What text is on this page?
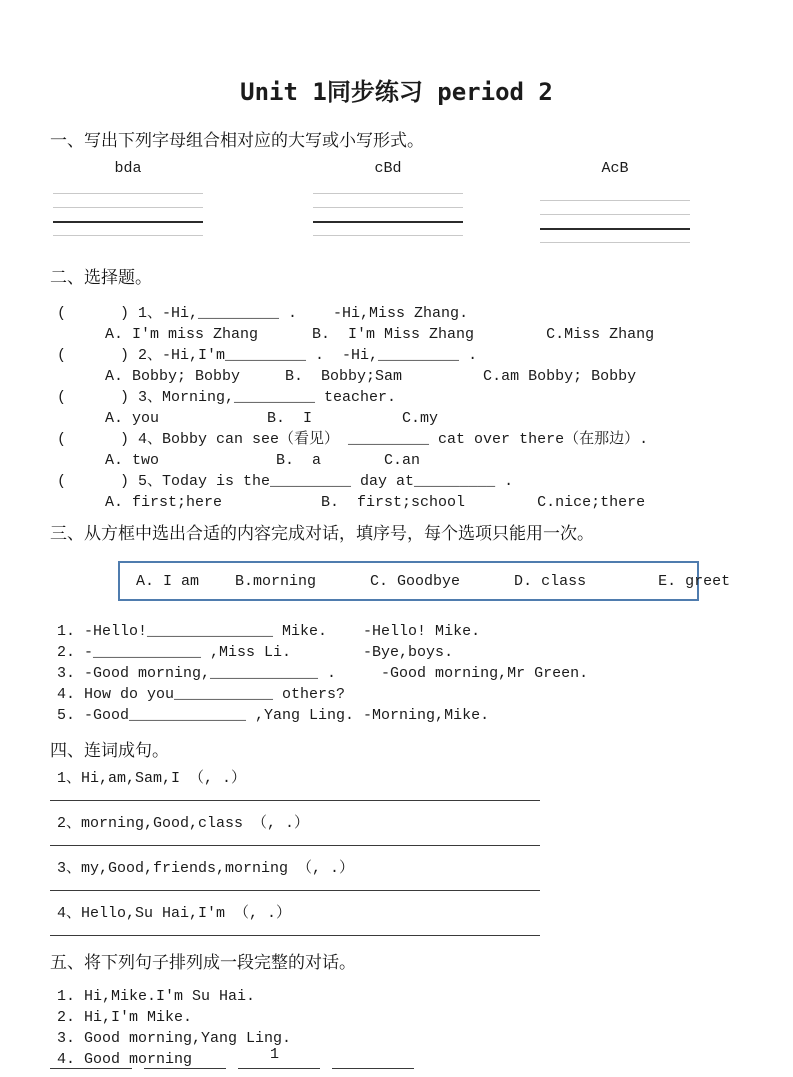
Unit 1同步练习 period 2

一、写出下列字母组合相对应的大写或小写形式。

bda	cBd	AcB

二、选择题。

(      ) 1、-Hi,_________ .    -Hi,Miss Zhang.

A. I'm miss Zhang      B.  I'm Miss Zhang        C.Miss Zhang

(      ) 2、-Hi,I'm_________ .  -Hi,_________ .

A. Bobby; Bobby     B.  Bobby;Sam         C.am Bobby; Bobby

(      ) 3、Morning,_________ teacher.

A. you            B.  I          C.my

(      ) 4、Bobby can see（看见） _________ cat over there（在那边）.

A. two             B.  a       C.an

(      ) 5、Today is the_________ day at_________ .

A. first;here           B.  first;school        C.nice;there

三、从方框中选出合适的内容完成对话，填序号，每个选项只能用一次。

A. I am    B.morning      C. Goodbye      D. class        E. greet

1. -Hello!______________ Mike.    -Hello! Mike.

2. -____________ ,Miss Li.        -Bye,boys.

3. -Good morning,____________ .     -Good morning,Mr Green.

4. How do you___________ others?

5. -Good_____________ ,Yang Ling. -Morning,Mike.

四、连词成句。

1、Hi,am,Sam,I （, .）

2、morning,Good,class （, .）

3、my,Good,friends,morning （, .）

4、Hello,Su Hai,I'm （, .）

五、将下列句子排列成一段完整的对话。

1. Hi,Mike.I'm Su Hai.

2. Hi,I'm Mike.

3. Good morning,Yang Ling.

4. Good morning	1
